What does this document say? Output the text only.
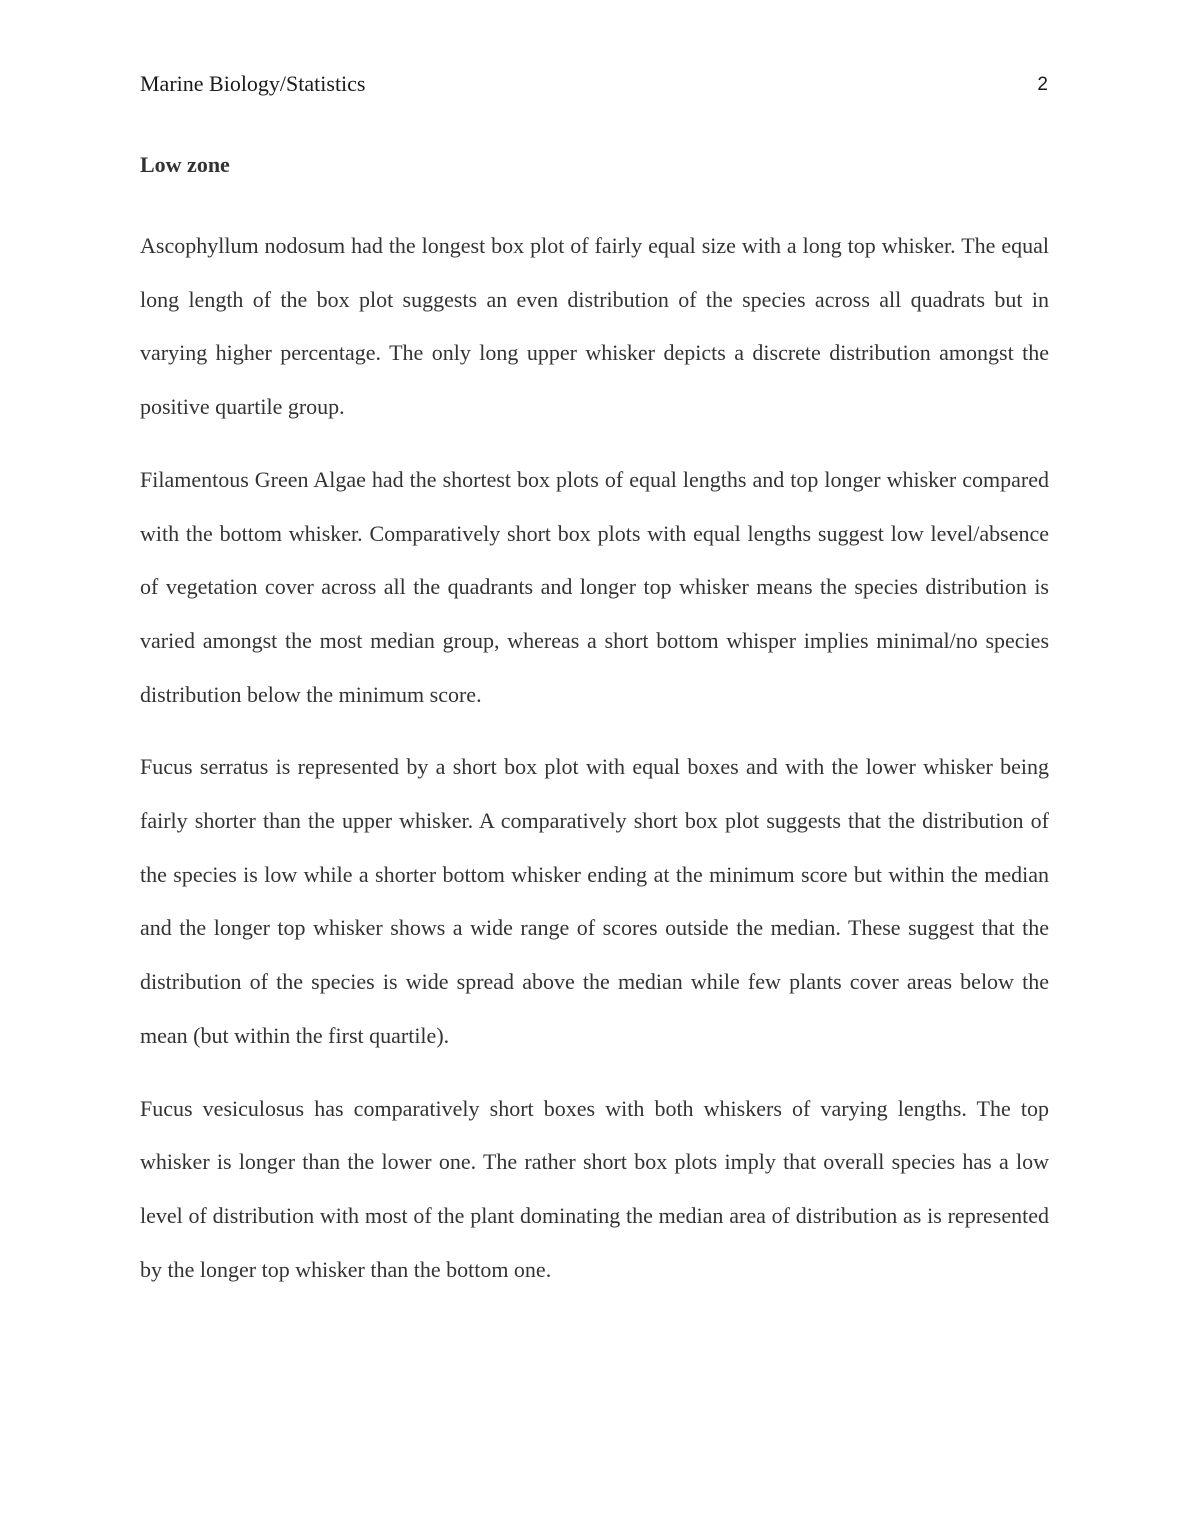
Marine Biology/Statistics	2
Low zone

Ascophyllum nodosum had the longest box plot of fairly equal size with a long top whisker. The equal long length of the box plot suggests an even distribution of the species across all quadrats but in varying higher percentage. The only long upper whisker depicts a discrete distribution amongst the positive quartile group.

Filamentous Green Algae had the shortest box plots of equal lengths and top longer whisker compared with the bottom whisker. Comparatively short box plots with equal lengths suggest low level/absence of vegetation cover across all the quadrants and longer top whisker means the species distribution is varied amongst the most median group, whereas a short bottom whisper implies minimal/no species distribution below the minimum score.

Fucus serratus is represented by a short box plot with equal boxes and with the lower whisker being fairly shorter than the upper whisker. A comparatively short box plot suggests that the distribution of the species is low while a shorter bottom whisker ending at the minimum score but within the median and the longer top whisker shows a wide range of scores outside the median. These suggest that the distribution of the species is wide spread above the median while few plants cover areas below the mean (but within the first quartile).

Fucus vesiculosus has comparatively short boxes with both whiskers of varying lengths. The top whisker is longer than the lower one. The rather short box plots imply that overall species has a low level of distribution with most of the plant dominating the median area of distribution as is represented by the longer top whisker than the bottom one.
